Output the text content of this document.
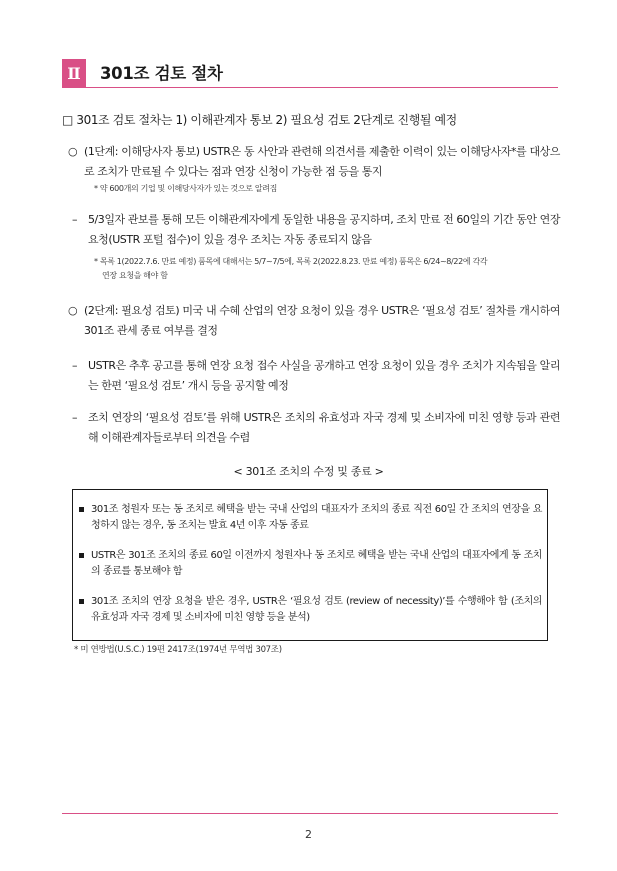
Ⅱ	301조 검토 절차
□ 301조 검토 절차는 1) 이해관계자 통보 2) 필요성 검토 2단계로 진행될 예정
○ (1단계: 이해당사자 통보) USTR은 동 사안과 관련해 의견서를 제출한 이력이 있는 이해당사자*를 대상으로 조치가 만료될 수 있다는 점과 연장 신청이 가능한 점 등을 통지
* 약 600개의 기업 및 이해당사자가 있는 것으로 알려짐
– 5/3일자 관보를 통해 모든 이해관계자에게 동일한 내용을 공지하며, 조치 만료 전 60일의 기간 동안 연장 요청(USTR 포털 접수)이 있을 경우 조치는 자동 종료되지 않음
* 목록 1(2022.7.6. 만료 예정) 품목에 대해서는 5/7~7/5에, 목록 2(2022.8.23. 만료 예정) 품목은 6/24~8/22에 각각
연장 요청을 해야 함
○ (2단계: 필요성 검토) 미국 내 수혜 산업의 연장 요청이 있을 경우 USTR은 ‘필요성 검토’ 절차를 개시하여 301조 관세 종료 여부를 결정
– USTR은 추후 공고를 통해 연장 요청 접수 사실을 공개하고 연장 요청이 있을 경우 조치가 지속됨을 알리는 한편 ‘필요성 검토’ 개시 등을 공지할 예정
– 조치 연장의 ‘필요성 검토’를 위해 USTR은 조치의 유효성과 자국 경제 및 소비자에 미친 영향 등과 관련해 이해관계자들로부터 의견을 수렴
< 301조 조치의 수정 및 종료 >
301조 청원자 또는 동 조치로 혜택을 받는 국내 산업의 대표자가 조치의 종료 직전 60일 간 조치의 연장을 요청하지 않는 경우, 동 조치는 발효 4년 이후 자동 종료
USTR은 301조 조치의 종료 60일 이전까지 청원자나 동 조치로 혜택을 받는 국내 산업의 대표자에게 동 조치의 종료를 통보해야 함
301조 조치의 연장 요청을 받은 경우, USTR은 ‘필요성 검토 (review of necessity)’를 수행해야 함 (조치의 유효성과 자국 경제 및 소비자에 미친 영향 등을 분석)
* 미 연방법(U.S.C.) 19편 2417조(1974년 무역법 307조)
2
